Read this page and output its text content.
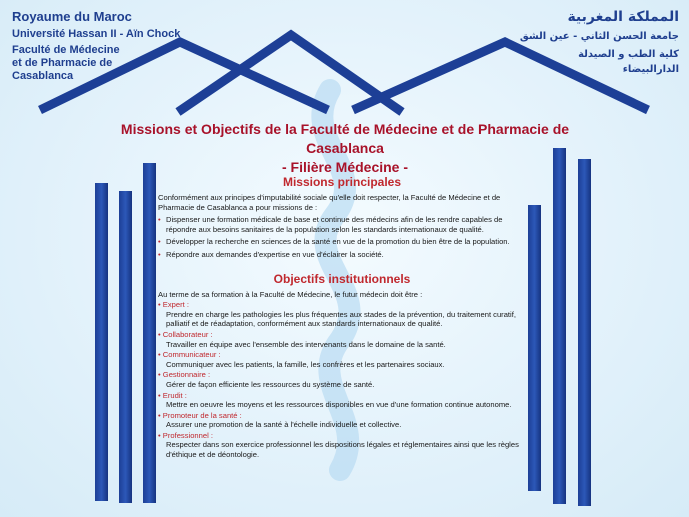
Royaume du Maroc
Université Hassan II - Aïn Chock
Faculté de Médecine et de Pharmacie de Casablanca
المملكة المغربية
جامعة الحسن الثاني - عين الشق
كلية الطب و الصيدلة الدارالبيضاء
Missions et Objectifs de la Faculté de Médecine et de Pharmacie de Casablanca
- Filière Médecine -
Missions principales

Conformément aux principes d'imputabilité sociale qu'elle doit respecter, la Faculté de Médecine et de Pharmacie de Casablanca a pour missions de :

• Dispenser une formation médicale de base et continue des médecins afin de les rendre capables de répondre aux besoins sanitaires de la population selon les standards internationaux de qualité.
• Développer la recherche en sciences de la santé en vue de la promotion du bien être de la population.
• Répondre aux demandes d'expertise en vue d'éclairer la société.
Objectifs institutionnels

Au terme de sa formation à la Faculté de Médecine, le futur médecin doit être :

• Expert :
Prendre en charge les pathologies les plus fréquentes aux stades de la prévention, du traitement curatif, palliatif et de réadaptation, conformément aux standards internationaux de qualité.
• Collaborateur :
Travailler en équipe avec l'ensemble des intervenants dans le domaine de la santé.
• Communicateur :
Communiquer avec les patients, la famille, les confrères et les partenaires sociaux.
• Gestionnaire :
Gérer de façon efficiente les ressources du système de santé.
• Erudit :
Mettre en oeuvre les moyens et les ressources disponibles en vue d'une formation continue autonome.
• Promoteur de la santé :
Assurer une promotion de la santé à l'échelle individuelle et collective.
• Professionnel :
Respecter dans son exercice professionnel les dispositions légales et réglementaires ainsi que les règles d'éthique et de déontologie.
